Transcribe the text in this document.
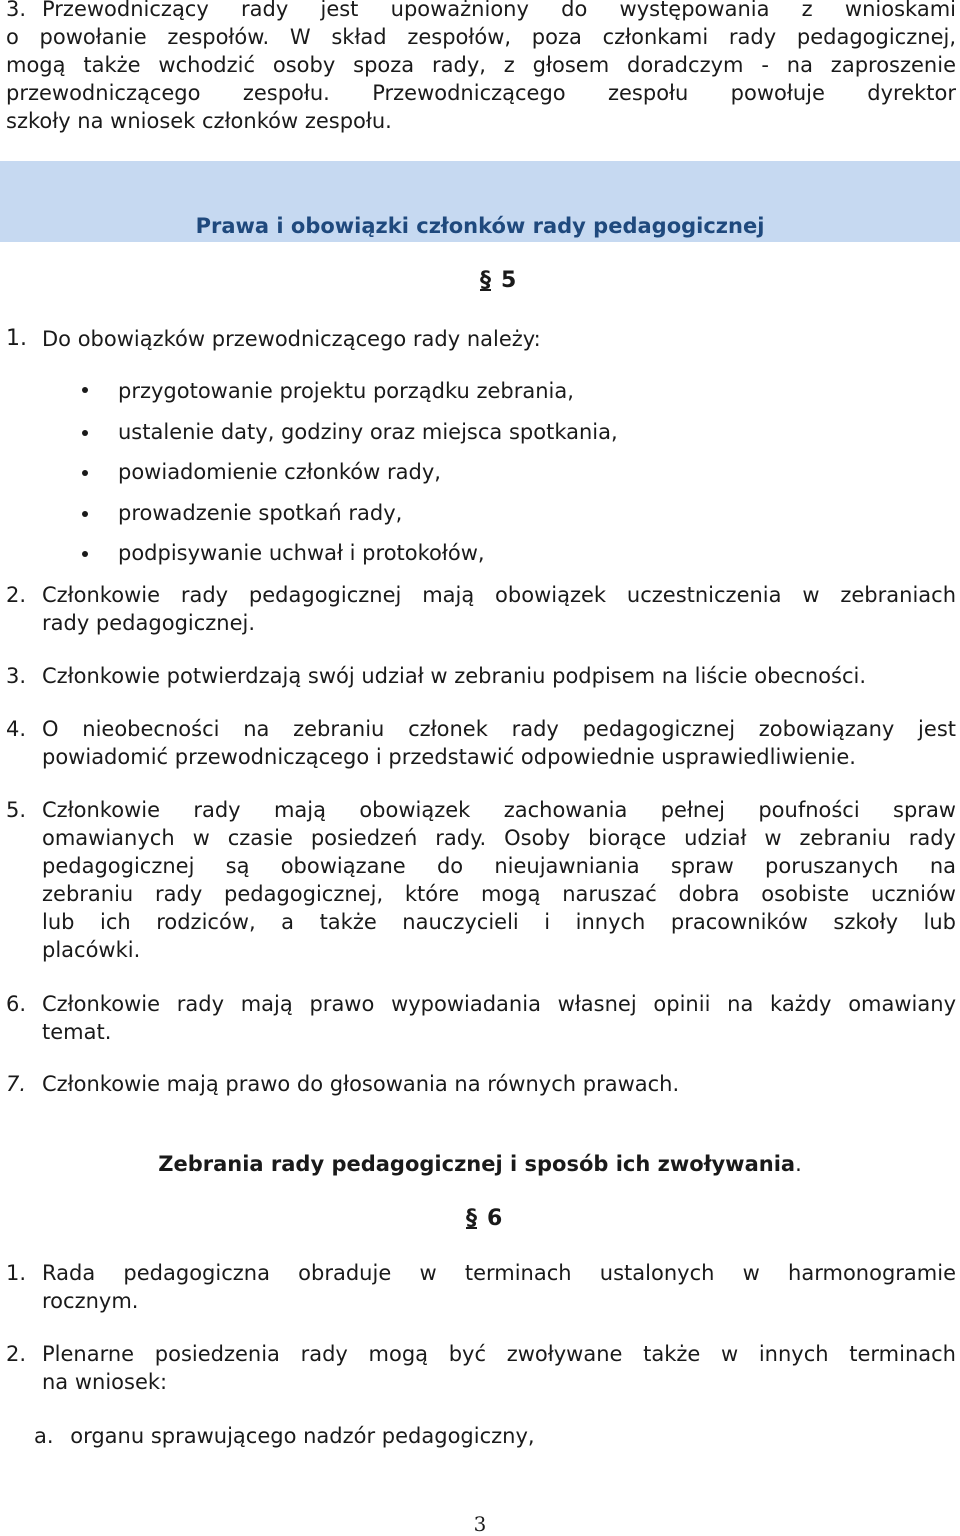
3. Przewodniczący rady jest upoważniony do występowania z wnioskami
o powołanie zespołów. W skład zespołów, poza członkami rady pedagogicznej,
mogą także wchodzić osoby spoza rady, z głosem doradczym - na zaproszenie
przewodniczącego zespołu. Przewodniczącego zespołu powołuje dyrektor
szkoły na wniosek członków zespołu.
Prawa i obowiązki członków rady pedagogicznej
§ 5
1. Do obowiązków przewodniczącego rady należy:
przygotowanie projektu porządku zebrania,
ustalenie daty, godziny oraz miejsca spotkania,
powiadomienie członków rady,
prowadzenie spotkań rady,
podpisywanie uchwał i protokołów,
2. Członkowie rady pedagogicznej mają obowiązek uczestniczenia w zebraniach
rady pedagogicznej.
3. Członkowie potwierdzają swój udział w zebraniu podpisem na liście obecności.
4. O nieobecności na zebraniu członek rady pedagogicznej zobowiązany jest
powiadomić przewodniczącego i przedstawić odpowiednie usprawiedliwienie.
5. Członkowie rady mają obowiązek zachowania pełnej poufności spraw
omawianych w czasie posiedzeń rady. Osoby biorące udział w zebraniu rady
pedagogicznej są obowiązane do nieujawniania spraw poruszanych na
zebraniu rady pedagogicznej, które mogą naruszać dobra osobiste uczniów
lub ich rodziców, a także nauczycieli i innych pracowników szkoły lub
placówki.
6. Członkowie rady mają prawo wypowiadania własnej opinii na każdy omawiany
temat.
7. Członkowie mają prawo do głosowania na równych prawach.
Zebrania rady pedagogicznej i sposób ich zwoływania.
§ 6
1. Rada pedagogiczna obraduje w terminach ustalonych w harmonogramie
rocznym.
2. Plenarne posiedzenia rady mogą być zwoływane także w innych terminach
na wniosek:
a. organu sprawującego nadzór pedagogiczny,
3
